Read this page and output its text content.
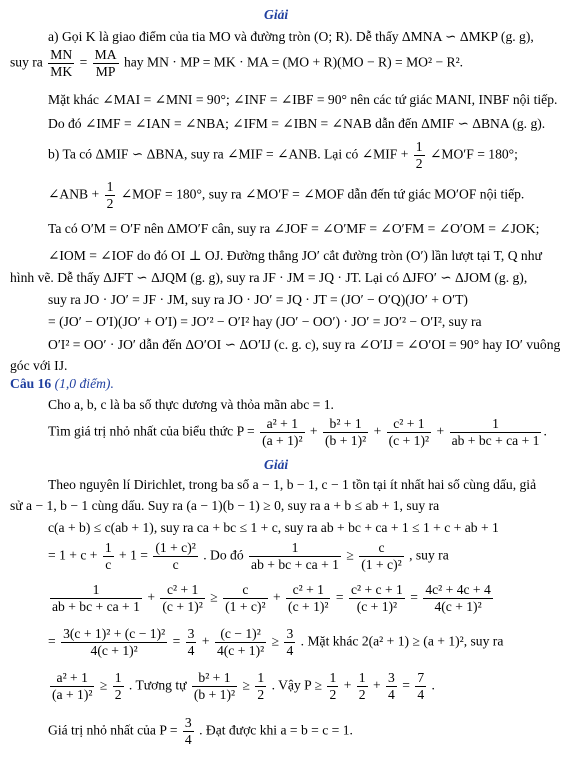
Giải
a) Gọi K là giao điểm của tia MO và đường tròn (O; R). Dễ thấy ΔMNA ∽ ΔMKP (g. g),
suy ra $\frac{MN}{MK} = \frac{MA}{MP}$ hay MN · MP = MK · MA = (MO + R)(MO − R) = MO² − R².
Mặt khác ∠MAI = ∠MNI = 90°; ∠INF = ∠IBF = 90° nên các tứ giác MANI, INBF nội tiếp.
Do đó ∠IMF = ∠IAN = ∠NBA; ∠IFM = ∠IBN = ∠NAB dẫn đến ΔMIF ∽ ΔBNA (g. g).
b) Ta có ΔMIF ∽ ΔBNA, suy ra ∠MIF = ∠ANB. Lại có ∠MIF + $\frac{1}{2}$ ∠MO′F = 180°;
∠ANB + $\frac{1}{2}$ ∠MOF = 180°, suy ra ∠MO′F = ∠MOF dẫn đến tứ giác MO′OF nội tiếp.
Ta có O′M = O′F nên ΔMO′F cân, suy ra ∠JOF = ∠O′MF = ∠O′FM = ∠O′OM = ∠JOK;
∠IOM = ∠IOF do đó OI ⊥ OJ. Đường thẳng JO′ cắt đường tròn (O′) lần lượt tại T, Q như
hình vẽ. Dễ thấy ΔJFT ∽ ΔJQM (g. g), suy ra JF · JM = JQ · JT. Lại có ΔJFO′ ∽ ΔJOM (g. g),
suy ra JO · JO′ = JF · JM, suy ra JO · JO′ = JQ · JT = (JO′ − O′Q)(JO′ + O′T)
= (JO′ − O′I)(JO′ + O′I) = JO′² − O′I² hay (JO′ − OO′) · JO′ = JO′² − O′I², suy ra
O′I² = OO′ · JO′ dẫn đến ΔO′OI ∽ ΔO′IJ (c. g. c), suy ra ∠O′IJ = ∠O′OI = 90° hay IO′ vuông
góc với IJ.
Câu 16 (1,0 điểm).
Cho a, b, c là ba số thực dương và thỏa mãn abc = 1.
Tìm giá trị nhỏ nhất của biểu thức $P = \frac{\text{a² + 1}}{\text{(a + 1)²}} + \frac{\text{b² + 1}}{\text{(b + 1)²}} + \frac{\text{c² + 1}}{\text{(c + 1)²}} + \frac{1}{ab + bc + ca + 1}$ .
Giải
Theo nguyên lí Dirichlet, trong ba số a − 1, b − 1, c − 1 tồn tại ít nhất hai số cùng dấu, giả
sử a − 1, b − 1 cùng dấu. Suy ra (a − 1)(b − 1) ≥ 0, suy ra a + b ≤ ab + 1, suy ra
c(a + b) ≤ c(ab + 1), suy ra ca + bc ≤ 1 + c, suy ra ab + bc + ca + 1 ≤ 1 + c + ab + 1
= $1 + c + \frac{1}{c} + 1 = \frac{\text{(1 + c)²}}{c}$ . Do đó $\frac{1}{ab + bc + ca + 1} \ge \frac{c}{\text{(1 + c)²}}$ , suy ra
$\frac{1}{ab + bc + ca + 1} + \frac{\text{c² + 1}}{\text{(c + 1)²}} \ge \frac{c}{\text{(1 + c)²}} + \frac{\text{c² + 1}}{\text{(c + 1)²}} = \frac{\text{c² + c + 1}}{\text{(c + 1)²}} = \frac{\text{4c² + 4c + 4}}{\text{4(c + 1)²}}$
= $\frac{\text{3(c + 1)² + (c − 1)²}}{\text{4(c + 1)²}} = \frac{3}{4} + \frac{\text{(c − 1)²}}{\text{4(c + 1)²}} \ge \frac{3}{4}$ . Mặt khác 2(a² + 1) ≥ (a + 1)², suy ra
$\frac{\text{a² + 1}}{\text{(a + 1)²}} \ge \frac{1}{2}$ . Tương tự $\frac{\text{b² + 1}}{\text{(b + 1)²}} \ge \frac{1}{2}$ . Vậy $P \ge \frac{1}{2} + \frac{1}{2} + \frac{3}{4} = \frac{7}{4}$ .
Giá trị nhỏ nhất của $P = \frac{3}{4}$ . Đạt được khi a = b = c = 1.
